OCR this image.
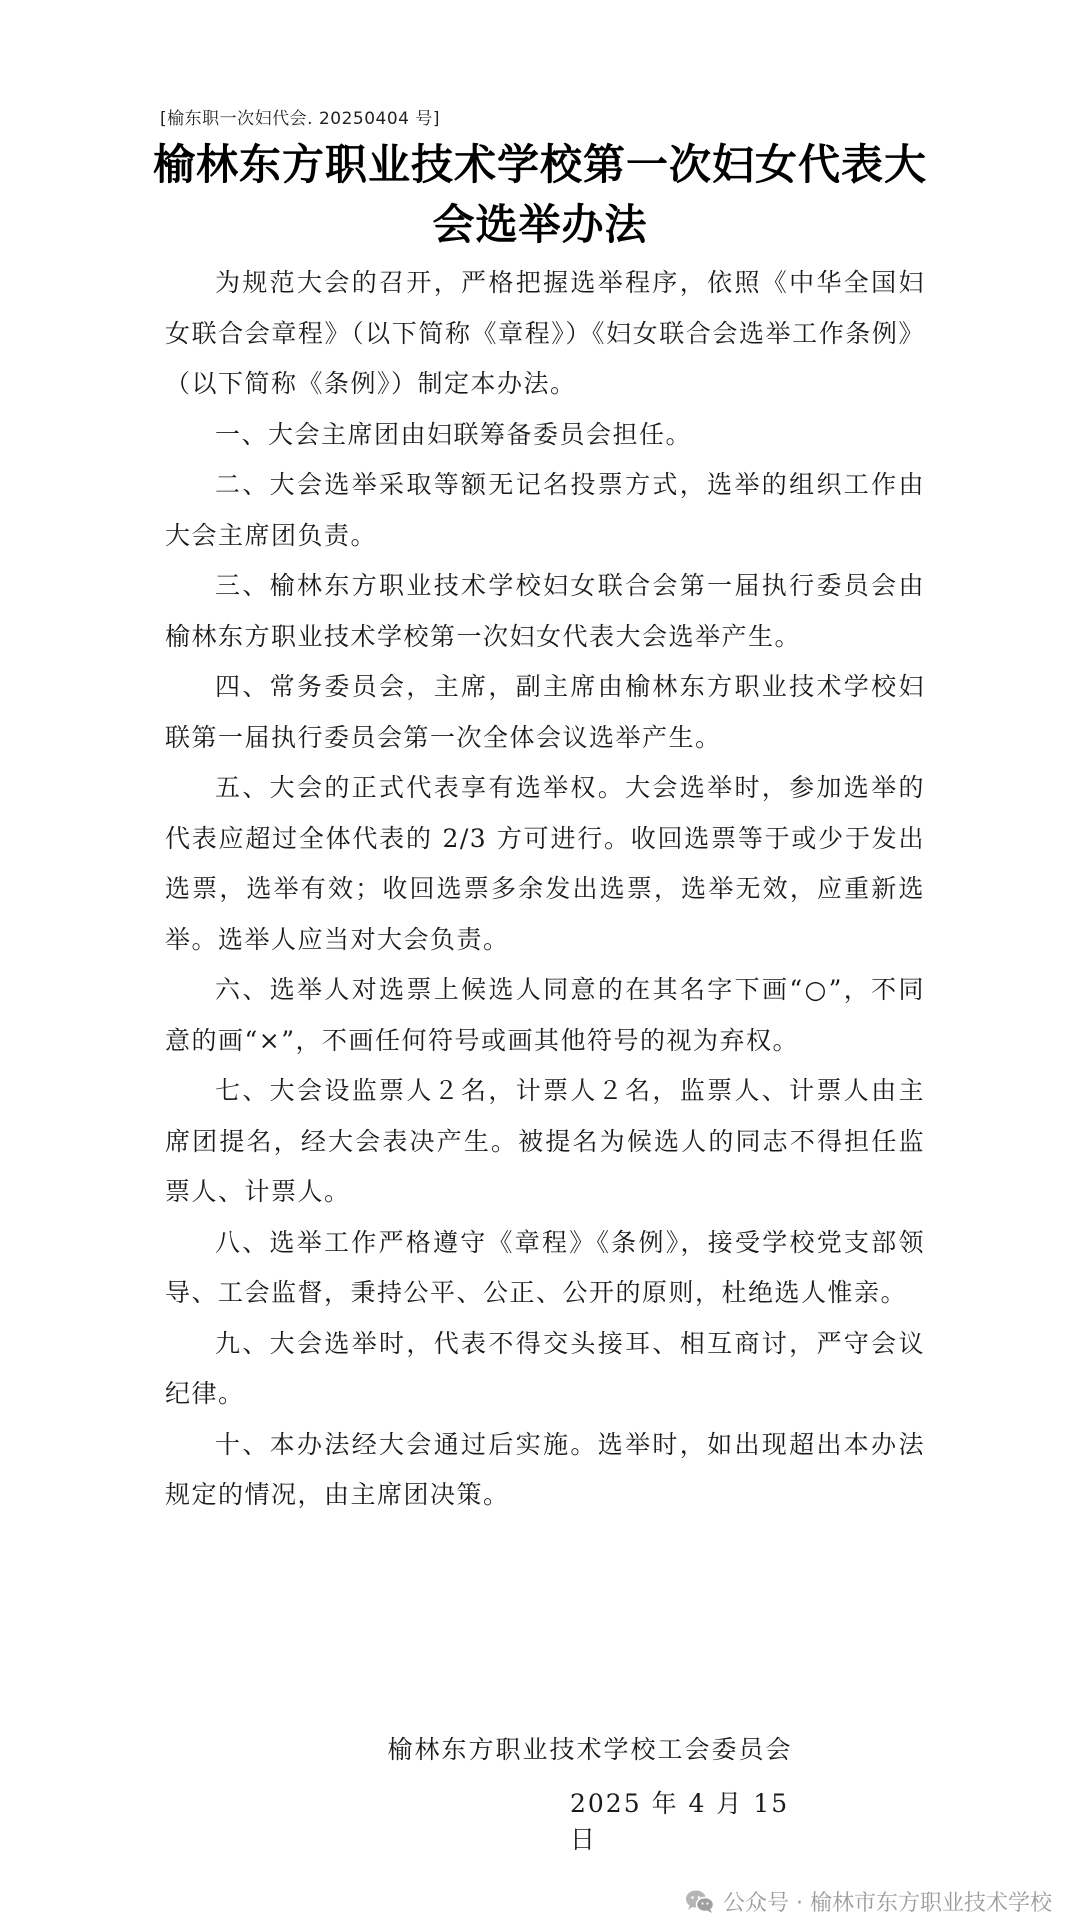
[榆东职一次妇代会. 20250404 号]
榆林东方职业技术学校第一次妇女代表大
会选举办法

为规范大会的召开，严格把握选举程序，依照《中华全国妇女联合会章程》（以下简称《章程》）《妇女联合会选举工作条例》（以下简称《条例》）制定本办法。

一、大会主席团由妇联筹备委员会担任。

二、大会选举采取等额无记名投票方式，选举的组织工作由大会主席团负责。

三、榆林东方职业技术学校妇女联合会第一届执行委员会由榆林东方职业技术学校第一次妇女代表大会选举产生。

四、常务委员会，主席，副主席由榆林东方职业技术学校妇联第一届执行委员会第一次全体会议选举产生。

五、大会的正式代表享有选举权。大会选举时，参加选举的代表应超过全体代表的 2/3 方可进行。收回选票等于或少于发出选票，选举有效；收回选票多余发出选票，选举无效，应重新选举。选举人应当对大会负责。

六、选举人对选票上候选人同意的在其名字下画“○”，不同意的画“×”，不画任何符号或画其他符号的视为弃权。

七、大会设监票人２名，计票人２名，监票人、计票人由主席团提名，经大会表决产生。被提名为候选人的同志不得担任监票人、计票人。

八、选举工作严格遵守《章程》《条例》，接受学校党支部领导、工会监督，秉持公平、公正、公开的原则，杜绝选人惟亲。

九、大会选举时，代表不得交头接耳、相互商讨，严守会议纪律。

十、本办法经大会通过后实施。选举时，如出现超出本办法规定的情况，由主席团决策。

榆林东方职业技术学校工会委员会
2025 年 4 月 15 日
公众号 · 榆林市东方职业技术学校
